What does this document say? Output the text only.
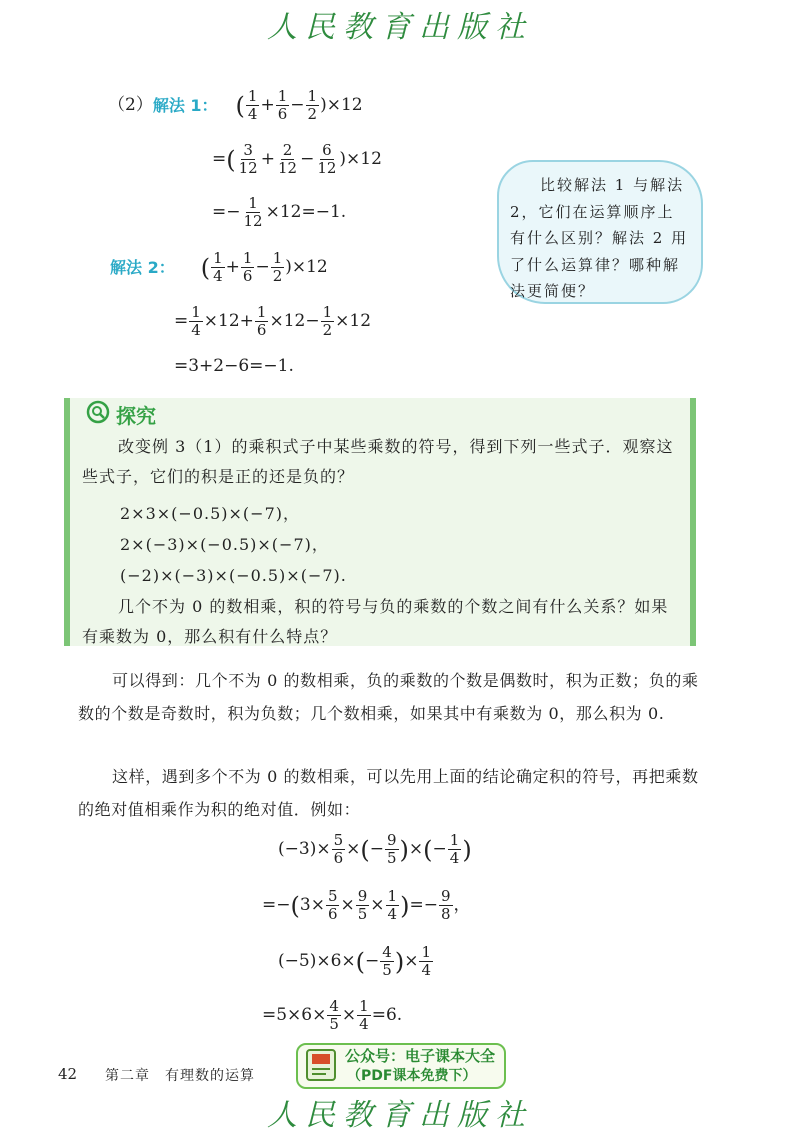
人民教育出版社
（2） 解法 1： ( $\frac{1}{4} + \frac{1}{6} - \frac{1}{2} )\times 12$
= ( $\frac{3}{12} + \frac{2}{12} - \frac{6}{12} )\times 12$
=− $\frac{1}{12} \times 12=-1$.
解法 2： ( $\frac{1}{4} + \frac{1}{6} - \frac{1}{2} )\times 12$
= $\frac{1}{4} \times 12+ \frac{1}{6} \times 12- \frac{1}{2} \times 12$
=3+2−6=−1.
比较解法 1 与解法 2，它们在运算顺序上有什么区别？解法 2 用了什么运算律？哪种解法更简便？
探究
改变例 3（1）的乘积式子中某些乘数的符号，得到下列一些式子．观察这些式子，它们的积是正的还是负的？
2×3×(−0.5)×(−7)，
2×(−3)×(−0.5)×(−7)，
(−2)×(−3)×(−0.5)×(−7).
几个不为 0 的数相乘，积的符号与负的乘数的个数之间有什么关系？如果有乘数为 0，那么积有什么特点？
可以得到：几个不为 0 的数相乘，负的乘数的个数是偶数时，积为正数；负的乘数的个数是奇数时，积为负数；几个数相乘，如果其中有乘数为 0，那么积为 0.
这样，遇到多个不为 0 的数相乘，可以先用上面的结论确定积的符号，再把乘数的绝对值相乘作为积的绝对值．例如：
$(-3)\times \frac{5}{6}$ × ( − $\frac{9}{5}$ ) × ( − $\frac{1}{4}$ )
=− ( $3\times \frac{5}{6} \times \frac{9}{5} \times \frac{1}{4}$ ) =− $\frac{9}{8}$ ，
(−5)×6× ( − $\frac{4}{5}$ ) × $\frac{1}{4}$
$=5\times 6\times \frac{4}{5} \times \frac{1}{4} =6$.
42 第二章　有理数的运算
公众号：电子课本大全
（PDF课本免费下）
人民教育出版社
